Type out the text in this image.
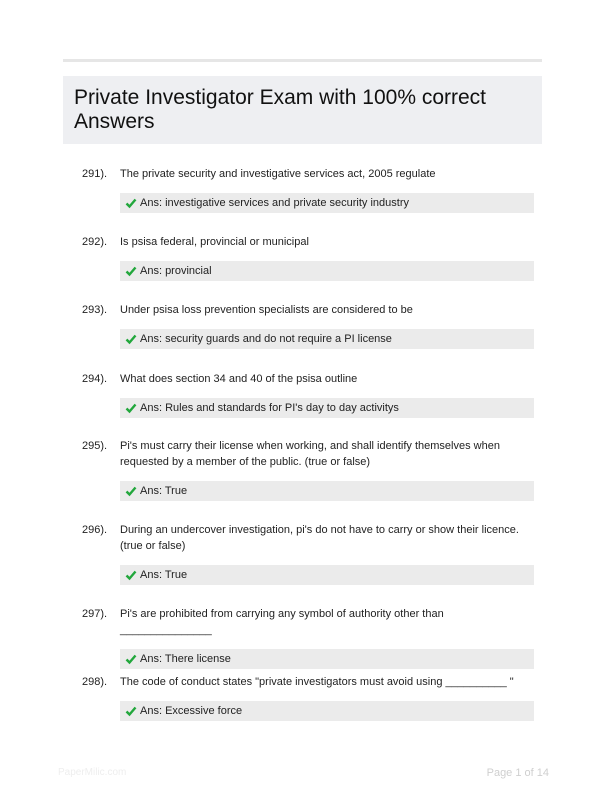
Private Investigator Exam with 100% correct Answers
291). The private security and investigative services act, 2005 regulate
Ans: investigative services and private security industry
292). Is psisa federal, provincial or municipal
Ans: provincial
293). Under psisa loss prevention specialists are considered to be
Ans: security guards and do not require a PI license
294). What does section 34 and 40 of the psisa outline
Ans: Rules and standards for PI's day to day activitys
295). Pi's must carry their license when working, and shall identify themselves when requested by a member of the public. (true or false)
Ans: True
296). During an undercover investigation, pi's do not have to carry or show their licence. (true or false)
Ans: True
297). Pi's are prohibited from carrying any symbol of authority other than _______________
Ans: There license
298). The code of conduct states "private investigators must avoid using __________ "
Ans: Excessive force
PaperMilic.com	Page 1 of 14
